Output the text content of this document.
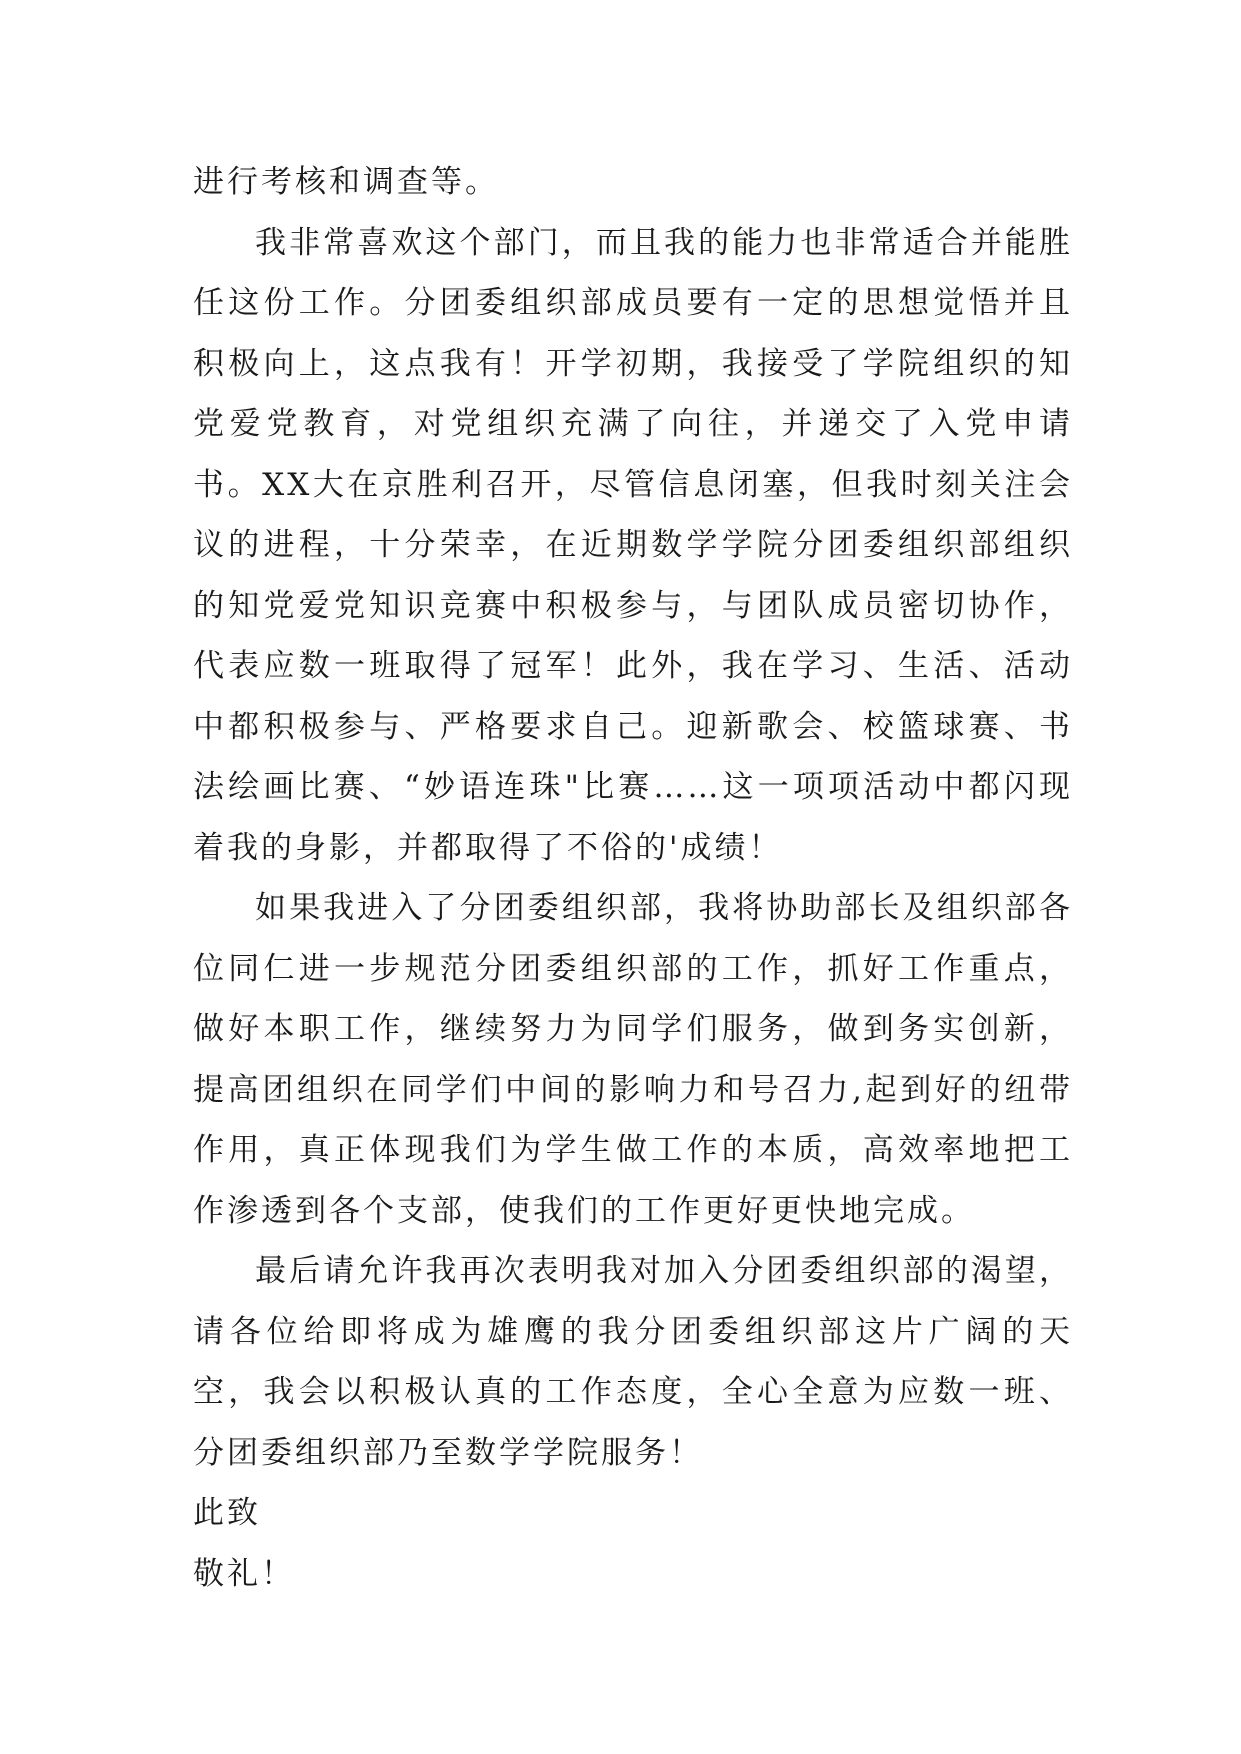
进行考核和调查等。

我非常喜欢这个部门，而且我的能力也非常适合并能胜任这份工作。分团委组织部成员要有一定的思想觉悟并且积极向上，这点我有！开学初期，我接受了学院组织的知党爱党教育，对党组织充满了向往，并递交了入党申请书。XX大在京胜利召开，尽管信息闭塞，但我时刻关注会议的进程，十分荣幸，在近期数学学院分团委组织部组织的知党爱党知识竞赛中积极参与，与团队成员密切协作，代表应数一班取得了冠军！此外，我在学习、生活、活动中都积极参与、严格要求自己。迎新歌会、校篮球赛、书法绘画比赛、“妙语连珠"比赛……这一项项活动中都闪现着我的身影，并都取得了不俗的'成绩！

如果我进入了分团委组织部，我将协助部长及组织部各位同仁进一步规范分团委组织部的工作，抓好工作重点，做好本职工作，继续努力为同学们服务，做到务实创新，提高团组织在同学们中间的影响力和号召力,起到好的纽带作用，真正体现我们为学生做工作的本质，高效率地把工作渗透到各个支部，使我们的工作更好更快地完成。

最后请允许我再次表明我对加入分团委组织部的渴望，请各位给即将成为雄鹰的我分团委组织部这片广阔的天空，我会以积极认真的工作态度，全心全意为应数一班、分团委组织部乃至数学学院服务！

此致

敬礼！
